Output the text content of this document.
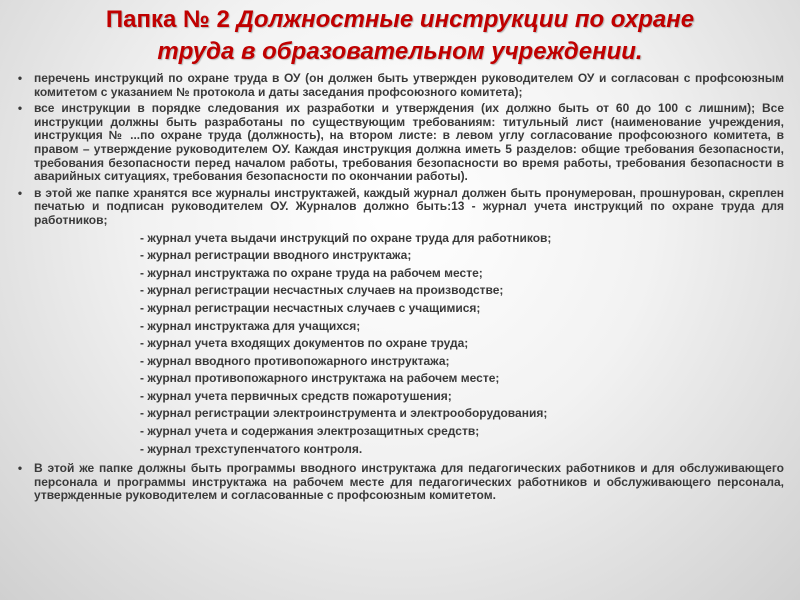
Папка № 2 Должностные инструкции по охране
труда в образовательном учреждении.
• перечень инструкций по охране труда в ОУ (он должен быть утвержден руководителем ОУ и согласован с профсоюзным комитетом с указанием № протокола и даты заседания профсоюзного комитета);
• все инструкции в порядке следования их разработки и утверждения (их должно быть от 60 до 100 с лишним); Все инструкции должны быть разработаны по существующим требованиям: титульный лист (наименование учреждения, инструкция № ...по охране труда (должность), на втором листе: в левом углу согласование профсоюзного комитета, в правом – утверждение руководителем ОУ. Каждая инструкция должна иметь 5 разделов: общие требования безопасности, требования безопасности перед началом работы, требования безопасности во время работы, требования безопасности в аварийных ситуациях, требования безопасности по окончании работы).
• в этой же папке хранятся все журналы инструктажей, каждый журнал должен быть пронумерован, прошнурован, скреплен печатью и подписан руководителем ОУ. Журналов должно быть:13 - журнал учета инструкций по охране труда для работников;
- журнал учета выдачи инструкций по охране труда для работников;
- журнал регистрации вводного инструктажа;
- журнал инструктажа по охране труда на рабочем месте;
- журнал регистрации несчастных случаев на производстве;
- журнал регистрации несчастных случаев с учащимися;
- журнал инструктажа для учащихся;
- журнал учета входящих документов по охране труда;
- журнал вводного противопожарного инструктажа;
- журнал противопожарного инструктажа на рабочем месте;
- журнал учета первичных средств пожаротушения;
- журнал регистрации электроинструмента и электрооборудования;
- журнал учета и содержания электрозащитных средств;
- журнал трехступенчатого контроля.
• В этой же папке должны быть программы вводного инструктажа для педагогических работников и для обслуживающего персонала и программы инструктажа на рабочем месте для педагогических работников и обслуживающего персонала, утвержденные руководителем и согласованные с профсоюзным комитетом.
